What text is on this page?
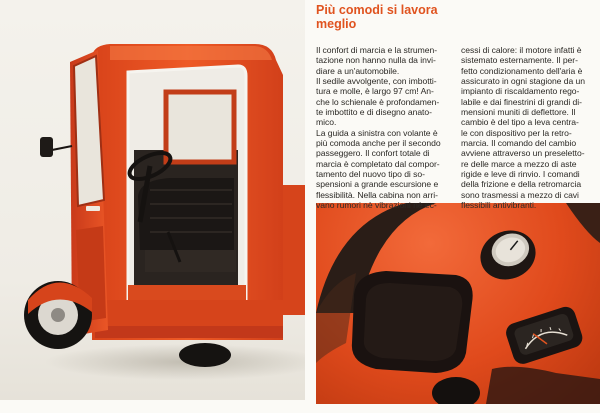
Più comodi si lavora
meglio
Il confort di marcia e la strumen-
tazione non hanno nulla da invi-
diare a un'automobile.
Il sedile avvolgente, con imbotti-
tura e molle, è largo 97 cm! An-
che lo schienale è profondamen-
te imbottito e di disegno anato-
mico.
La guida a sinistra con volante è
più comoda anche per il secondo
passeggero. Il confort totale di
marcia è completato dal compor-
tamento del nuovo tipo di so-
spensioni a grande escursione e
flessibilità. Nella cabina non arri-
vano rumori nè vibrazioni nè ec-
cessi di calore: il motore infatti è
sistemato esternamente. Il per-
fetto condizionamento dell'aria è
assicurato in ogni stagione da un
impianto di riscaldamento rego-
labile e dai finestrini di grandi di-
mensioni muniti di deflettore. Il
cambio è del tipo a leva centra-
le con dispositivo per la retro-
marcia. Il comando del cambio
avviene attraverso un preseletto-
re delle marce a mezzo di aste
rigide e leve di rinvio. I comandi
della frizione e della retromarcia
sono trasmessi a mezzo di cavi
flessibili antivibranti.
